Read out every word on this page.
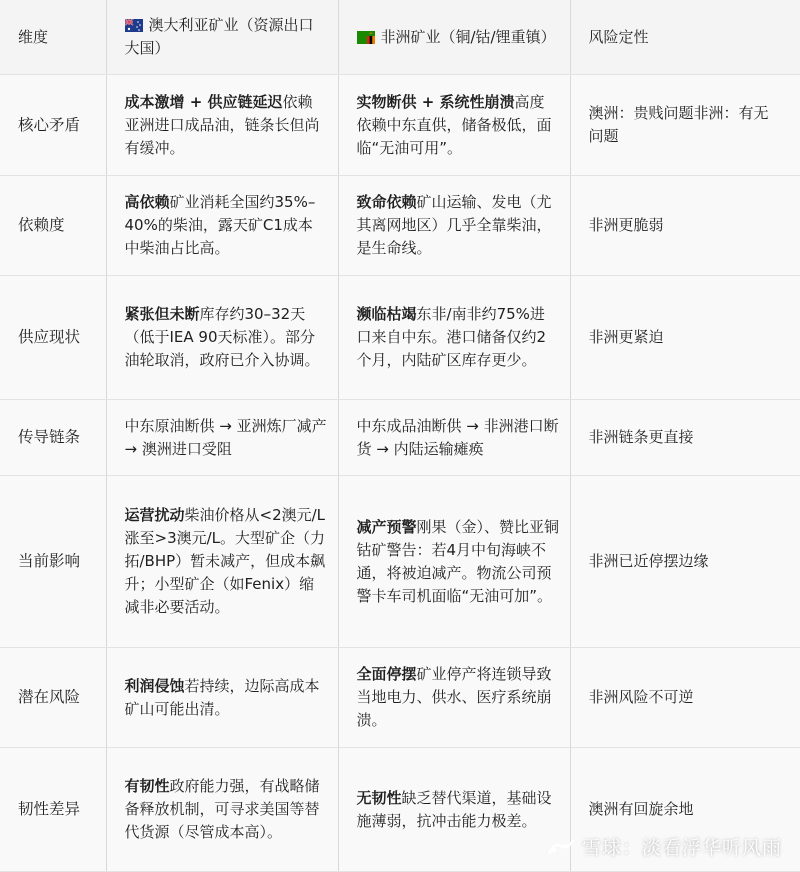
维度	澳大利亚矿业（资源出口大国）	非洲矿业（铜/钴/锂重镇）	风险定性
核心矛盾	成本激增 + 供应链延迟依赖亚洲进口成品油，链条长但尚有缓冲。	实物断供 + 系统性崩溃高度依赖中东直供，储备极低，面临“无油可用”。	澳洲：贵贱问题非洲：有无问题
依赖度	高依赖矿业消耗全国约35%–40%的柴油，露天矿C1成本中柴油占比高。	致命依赖矿山运输、发电（尤其离网地区）几乎全靠柴油，是生命线。	非洲更脆弱
供应现状	紧张但未断库存约30–32天（低于IEA 90天标准）。部分油轮取消，政府已介入协调。	濒临枯竭东非/南非约75%进口来自中东。港口储备仅约2个月，内陆矿区库存更少。	非洲更紧迫
传导链条	中东原油断供 → 亚洲炼厂减产 → 澳洲进口受阻	中东成品油断供 → 非洲港口断货 → 内陆运输瘫痪	非洲链条更直接
当前影响	运营扰动柴油价格从<2澳元/L涨至>3澳元/L。大型矿企（力拓/BHP）暂未减产，但成本飙升；小型矿企（如Fenix）缩减非必要活动。	减产预警刚果（金）、赞比亚铜钴矿警告：若4月中旬海峡不通，将被迫减产。物流公司预警卡车司机面临“无油可加”。	非洲已近停摆边缘
潜在风险	利润侵蚀若持续，边际高成本矿山可能出清。	全面停摆矿业停产将连锁导致当地电力、供水、医疗系统崩溃。	非洲风险不可逆
韧性差异	有韧性政府能力强，有战略储备释放机制，可寻求美国等替代货源（尽管成本高）。	无韧性缺乏替代渠道，基础设施薄弱，抗冲击能力极差。	澳洲有回旋余地
雪球：淡看浮华听风雨
